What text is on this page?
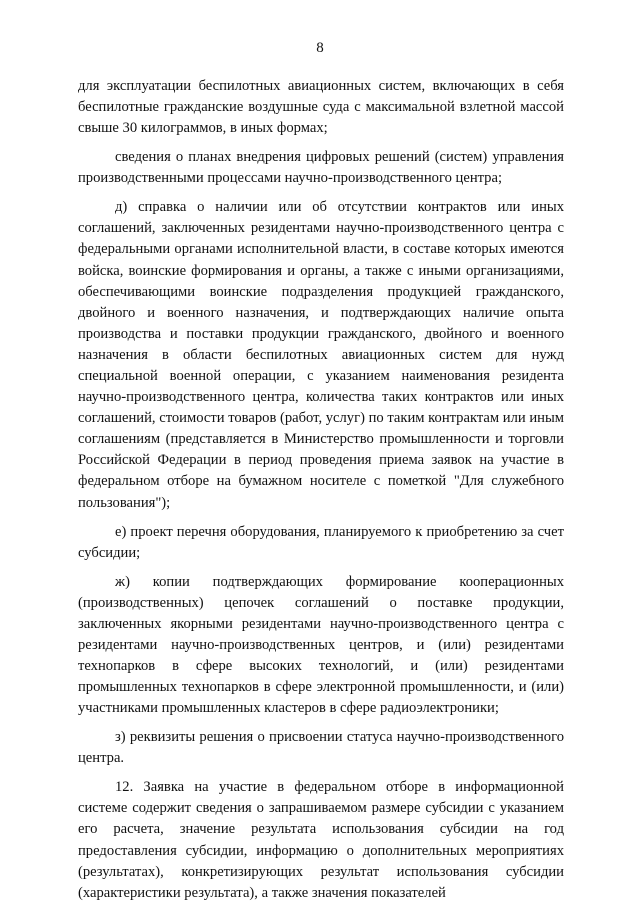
8

для эксплуатации беспилотных авиационных систем, включающих в себя беспилотные гражданские воздушные суда с максимальной взлетной массой свыше 30 килограммов, в иных формах;

сведения о планах внедрения цифровых решений (систем) управления производственными процессами научно-производственного центра;

д) справка о наличии или об отсутствии контрактов или иных соглашений, заключенных резидентами научно-производственного центра с федеральными органами исполнительной власти, в составе которых имеются войска, воинские формирования и органы, а также с иными организациями, обеспечивающими воинские подразделения продукцией гражданского, двойного и военного назначения, и подтверждающих наличие опыта производства и поставки продукции гражданского, двойного и военного назначения в области беспилотных авиационных систем для нужд специальной военной операции, с указанием наименования резидента научно-производственного центра, количества таких контрактов или иных соглашений, стоимости товаров (работ, услуг) по таким контрактам или иным соглашениям (представляется в Министерство промышленности и торговли Российской Федерации в период проведения приема заявок на участие в федеральном отборе на бумажном носителе с пометкой "Для служебного пользования");

е) проект перечня оборудования, планируемого к приобретению за счет субсидии;

ж) копии подтверждающих формирование кооперационных (производственных) цепочек соглашений о поставке продукции, заключенных якорными резидентами научно-производственного центра с резидентами научно-производственных центров, и (или) резидентами технопарков в сфере высоких технологий, и (или) резидентами промышленных технопарков в сфере электронной промышленности, и (или) участниками промышленных кластеров в сфере радиоэлектроники;

з) реквизиты решения о присвоении статуса научно-производственного центра.

12. Заявка на участие в федеральном отборе в информационной системе содержит сведения о запрашиваемом размере субсидии с указанием его расчета, значение результата использования субсидии на год предоставления субсидии, информацию о дополнительных мероприятиях (результатах), конкретизирующих результат использования субсидии (характеристики результата), а также значения показателей
